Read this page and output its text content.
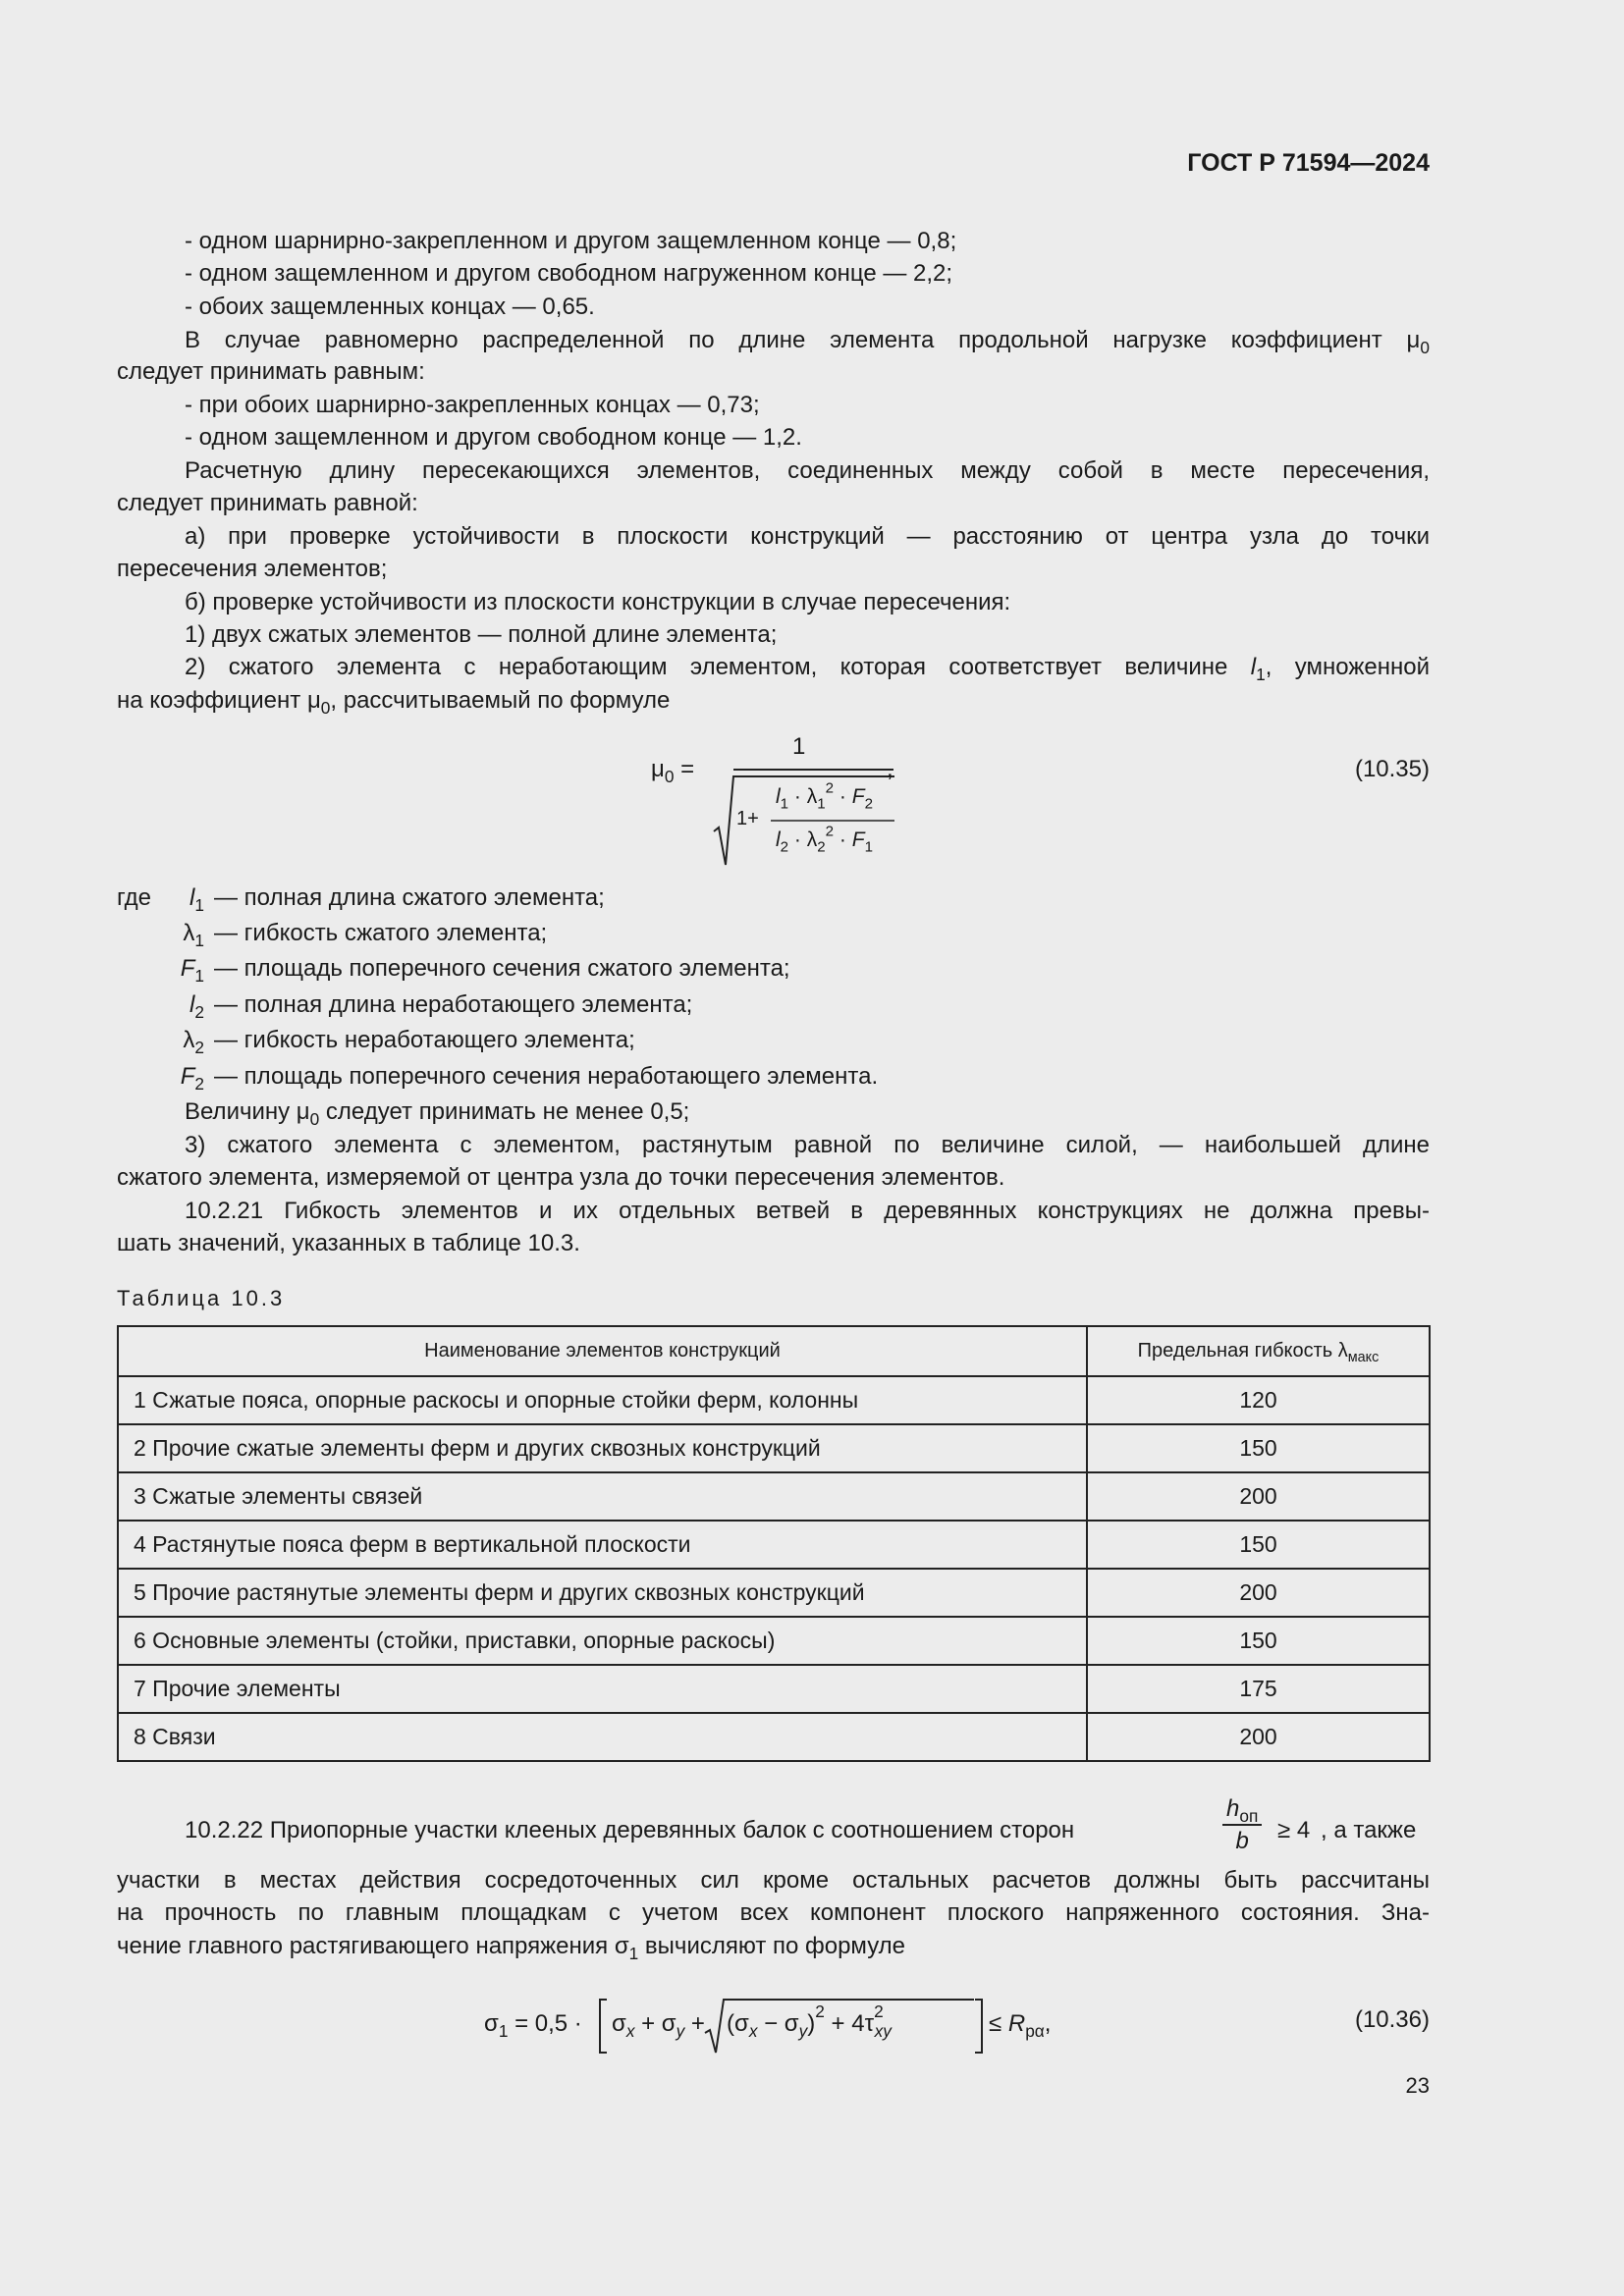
ГОСТ Р 71594—2024
- одном шарнирно-закрепленном и другом защемленном конце — 0,8;
- одном защемленном и другом свободном нагруженном конце — 2,2;
- обоих защемленных концах — 0,65.
В случае равномерно распределенной по длине элемента продольной нагрузке коэффициент $\mu_0$
следует принимать равным:
- при обоих шарнирно-закрепленных концах — 0,73;
- одном защемленном и другом свободном конце — 1,2.
Расчетную длину пересекающихся элементов, соединенных между собой в месте пересечения,
следует принимать равной:
а) при проверке устойчивости в плоскости конструкций — расстоянию от центра узла до точки
пересечения элементов;
б) проверке устойчивости из плоскости конструкции в случае пересечения:
1) двух сжатых элементов — полной длине элемента;
2) сжатого элемента с неработающим элементом, которая соответствует величине $l_1$, умноженной
на коэффициент $\mu_0$, рассчитываемый по формуле
$\mu_0$ =
1
1+
$l_1 \cdot \lambda_1^2 \cdot F_2$
$l_2 \cdot \lambda_2^2 \cdot F_1$
,	(10.35)
где	$l_1$ — полная длина сжатого элемента;
$\lambda_1$ — гибкость сжатого элемента;
$F_1$ — площадь поперечного сечения сжатого элемента;
$l_2$ — полная длина неработающего элемента;
$\lambda_2$ — гибкость неработающего элемента;
$F_2$ — площадь поперечного сечения неработающего элемента.
Величину $\mu_0$ следует принимать не менее 0,5;
3) сжатого элемента с элементом, растянутым равной по величине силой, — наибольшей длине
сжатого элемента, измеряемой от центра узла до точки пересечения элементов.
10.2.21 Гибкость элементов и их отдельных ветвей в деревянных конструкциях не должна превы-
шать значений, указанных в таблице 10.3.
Таблица 10.3
Наименование элементов конструкций	Предельная гибкость $\lambda_{макс}$
1 Сжатые пояса, опорные раскосы и опорные стойки ферм, колонны	120
2 Прочие сжатые элементы ферм и других сквозных конструкций	150
3 Сжатые элементы связей	200
4 Растянутые пояса ферм в вертикальной плоскости	150
5 Прочие растянутые элементы ферм и других сквозных конструкций	200
6 Основные элементы (стойки, приставки, опорные раскосы)	150
7 Прочие элементы	175
8 Связи	200
10.2.22 Приопорные участки клееных деревянных балок с соотношением сторон
$h_{оп}$
b	≥ 4 , а также
участки в местах действия сосредоточенных сил кроме остальных расчетов должны быть рассчитаны
на прочность по главным площадкам с учетом всех компонент плоского напряженного состояния. Зна-
чение главного растягивающего напряжения $\sigma_1$ вычисляют по формуле
$\sigma_1 = 0,5 \cdot \sigma_x + \sigma_y + (\sigma_x - \sigma_y)^2 + 4\tau^2_{xy}$	≤ $R_{p\alpha}$,	(10.36)
23
